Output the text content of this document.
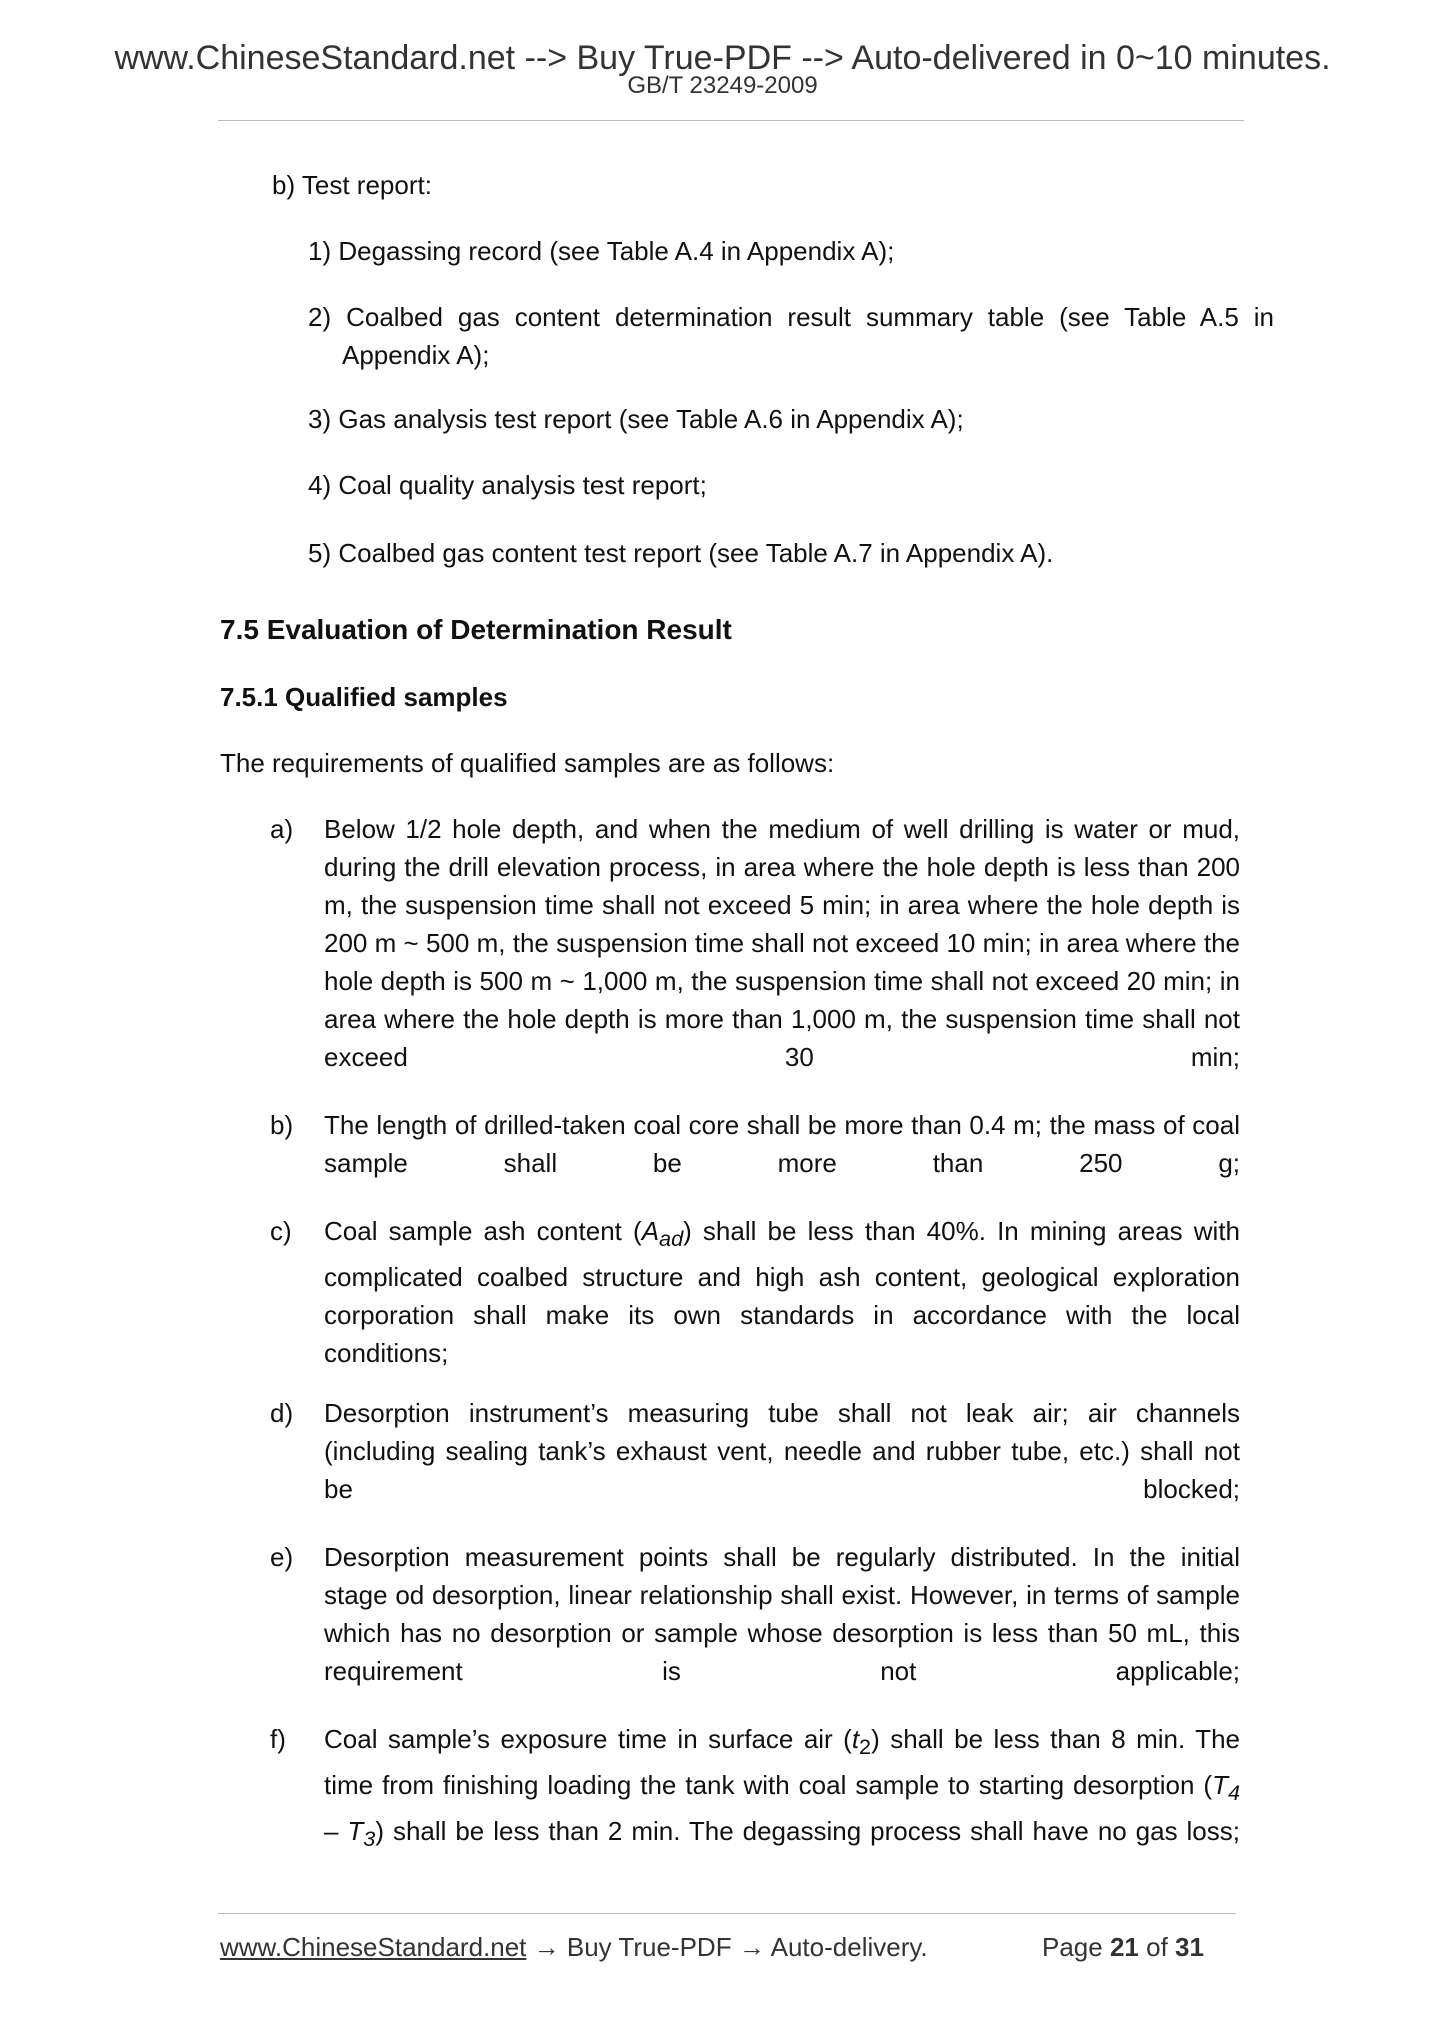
www.ChineseStandard.net --> Buy True-PDF --> Auto-delivered in 0~10 minutes.
GB/T 23249-2009

b) Test report:

1) Degassing record (see Table A.4 in Appendix A);

2) Coalbed gas content determination result summary table (see Table A.5 in Appendix A);

3) Gas analysis test report (see Table A.6 in Appendix A);

4) Coal quality analysis test report;

5) Coalbed gas content test report (see Table A.7 in Appendix A).

7.5 Evaluation of Determination Result
7.5.1 Qualified samples

The requirements of qualified samples are as follows:

a)	Below 1/2 hole depth, and when the medium of well drilling is water or mud, during the drill elevation process, in area where the hole depth is less than 200 m, the suspension time shall not exceed 5 min; in area where the hole depth is 200 m ~ 500 m, the suspension time shall not exceed 10 min; in area where the hole depth is 500 m ~ 1,000 m, the suspension time shall not exceed 20 min; in area where the hole depth is more than 1,000 m, the suspension time shall not exceed 30 min;
b)	The length of drilled-taken coal core shall be more than 0.4 m; the mass of coal sample shall be more than 250 g;
c)	Coal sample ash content $(A_{ad})$ shall be less than 40%. In mining areas with complicated coalbed structure and high ash content, geological exploration corporation shall make its own standards in accordance with the local conditions;
d)	Desorption instrument’s measuring tube shall not leak air; air channels (including sealing tank’s exhaust vent, needle and rubber tube, etc.) shall not be blocked;
e)	Desorption measurement points shall be regularly distributed. In the initial stage od desorption, linear relationship shall exist. However, in terms of sample which has no desorption or sample whose desorption is less than 50 mL, this requirement is not applicable;
f)	Coal sample’s exposure time in surface air $(t_2)$ shall be less than 8 min. The time from finishing loading the tank with coal sample to starting desorption $(T_4 - T_3)$ shall be less than 2 min. The degassing process shall have no gas loss;
www.ChineseStandard.net → Buy True-PDF → Auto-delivery.	Page 21 of 31
